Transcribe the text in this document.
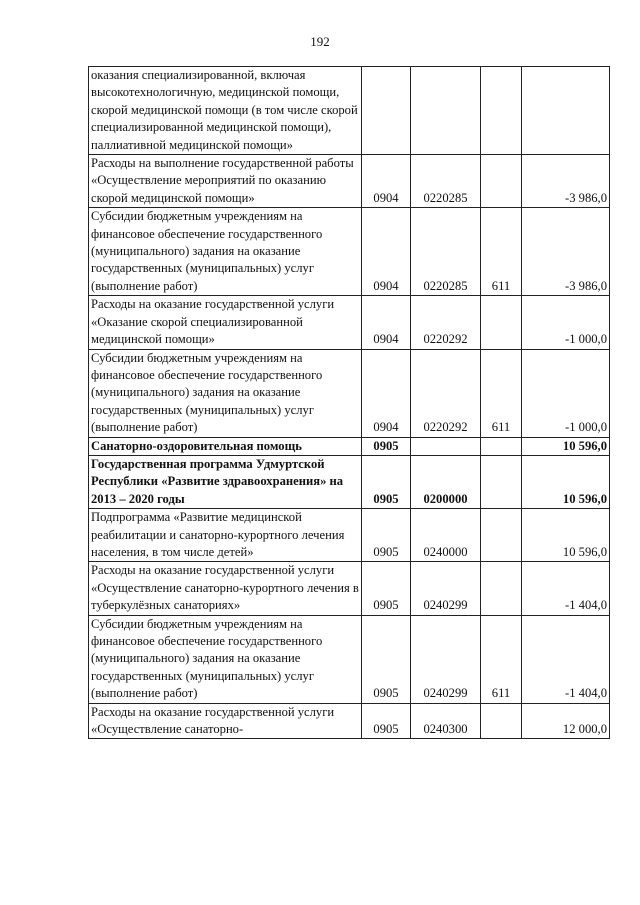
192
оказания специализированной, включая высокотехнологичную, медицинской помощи, скорой медицинской помощи (в том числе скорой специализированной медицинской помощи), паллиативной медицинской помощи»				
Расходы на выполнение государственной работы «Осуществление мероприятий по оказанию скорой медицинской помощи»	0904	0220285		-3 986,0
Субсидии бюджетным учреждениям на финансовое обеспечение государственного (муниципального) задания на оказание государственных (муниципальных) услуг (выполнение работ)	0904	0220285	611	-3 986,0
Расходы на оказание государственной услуги «Оказание скорой специализированной медицинской помощи»	0904	0220292		-1 000,0
Субсидии бюджетным учреждениям на финансовое обеспечение государственного (муниципального) задания на оказание государственных (муниципальных) услуг (выполнение работ)	0904	0220292	611	-1 000,0
Санаторно-оздоровительная помощь	0905			10 596,0
Государственная программа Удмуртской Республики «Развитие здравоохранения» на 2013 – 2020 годы	0905	0200000		10 596,0
Подпрограмма «Развитие медицинской реабилитации и санаторно-курортного лечения населения, в том числе детей»	0905	0240000		10 596,0
Расходы на оказание государственной услуги «Осуществление санаторно-курортного лечения в туберкулёзных санаториях»	0905	0240299		-1 404,0
Субсидии бюджетным учреждениям на финансовое обеспечение государственного (муниципального) задания на оказание государственных (муниципальных) услуг (выполнение работ)	0905	0240299	611	-1 404,0
Расходы на оказание государственной услуги «Осуществление санаторно-	0905	0240300		12 000,0
